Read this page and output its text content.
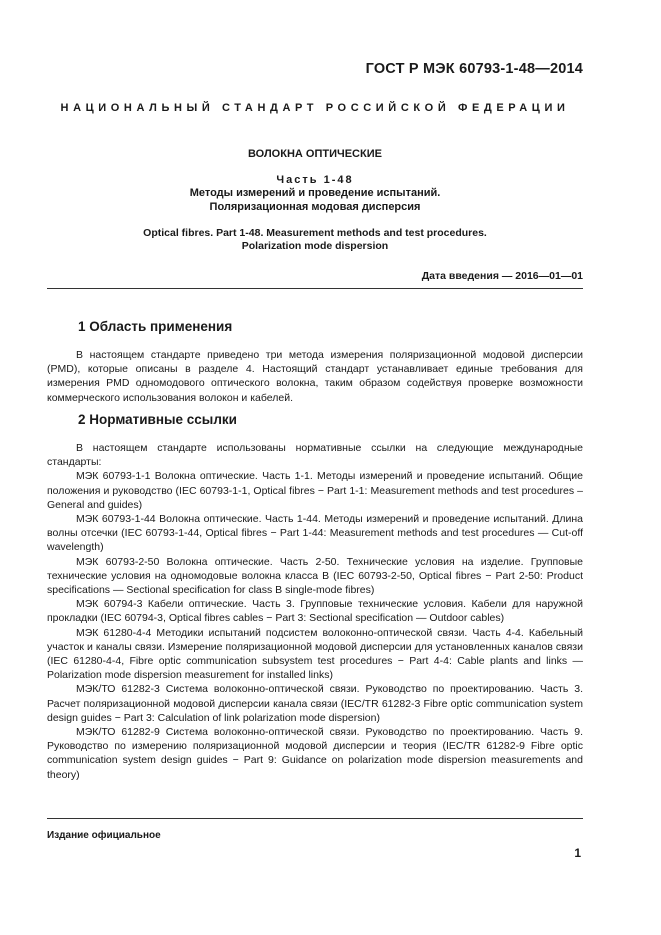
ГОСТ Р МЭК 60793-1-48—2014
НАЦИОНАЛЬНЫЙ СТАНДАРТ РОССИЙСКОЙ ФЕДЕРАЦИИ
ВОЛОКНА ОПТИЧЕСКИЕ
Часть 1-48
Методы измерений и проведение испытаний.
Поляризационная модовая дисперсия
Optical fibres. Part 1-48. Measurement methods and test procedures.
Polarization mode dispersion
Дата введения — 2016—01—01
1 Область применения

В настоящем стандарте приведено три метода измерения поляризационной модовой дисперсии (PMD), которые описаны в разделе 4. Настоящий стандарт устанавливает единые требования для измерения PMD одномодового оптического волокна, таким образом содействуя проверке возможности коммерческого использования волокон и кабелей.

2 Нормативные ссылки

В настоящем стандарте использованы нормативные ссылки на следующие международные стандарты:

МЭК 60793-1-1 Волокна оптические. Часть 1-1. Методы измерений и проведение испытаний. Общие положения и руководство (IEC 60793-1-1, Optical fibres − Part 1-1: Measurement methods and test procedures –General and guides)

МЭК 60793-1-44 Волокна оптические. Часть 1-44. Методы измерений и проведение испытаний. Длина волны отсечки (IEC 60793-1-44, Optical fibres − Part 1-44: Measurement methods and test procedures — Cut-off wavelength)

МЭК 60793-2-50 Волокна оптические. Часть 2-50. Технические условия на изделие. Групповые технические условия на одномодовые волокна класса B (IEC 60793-2-50, Optical fibres − Part 2-50: Product specifications — Sectional specification for class B single-mode fibres)

МЭК 60794-3 Кабели оптические. Часть 3. Групповые технические условия. Кабели для наружной прокладки (IEC 60794-3, Optical fibres cables − Part 3: Sectional specification — Outdoor cables)

МЭК 61280-4-4 Методики испытаний подсистем волоконно-оптической связи. Часть 4-4. Кабельный участок и каналы связи. Измерение поляризационной модовой дисперсии для установленных каналов связи (IEC 61280-4-4, Fibre optic communication subsystem test procedures − Part 4-4: Cable plants and links — Polarization mode dispersion measurement for installed links)

МЭК/ТО 61282-3 Система волоконно-оптической связи. Руководство по проектированию. Часть 3. Расчет поляризационной модовой дисперсии канала связи (IEC/TR 61282-3 Fibre optic communication system design guides − Part 3: Calculation of link polarization mode dispersion)

МЭК/ТО 61282-9 Система волоконно-оптической связи. Руководство по проектированию. Часть 9. Руководство по измерению поляризационной модовой дисперсии и теория (IEC/TR 61282-9 Fibre optic communication system design guides − Part 9: Guidance on polarization mode dispersion measurements and theory)

Издание официальное
1
